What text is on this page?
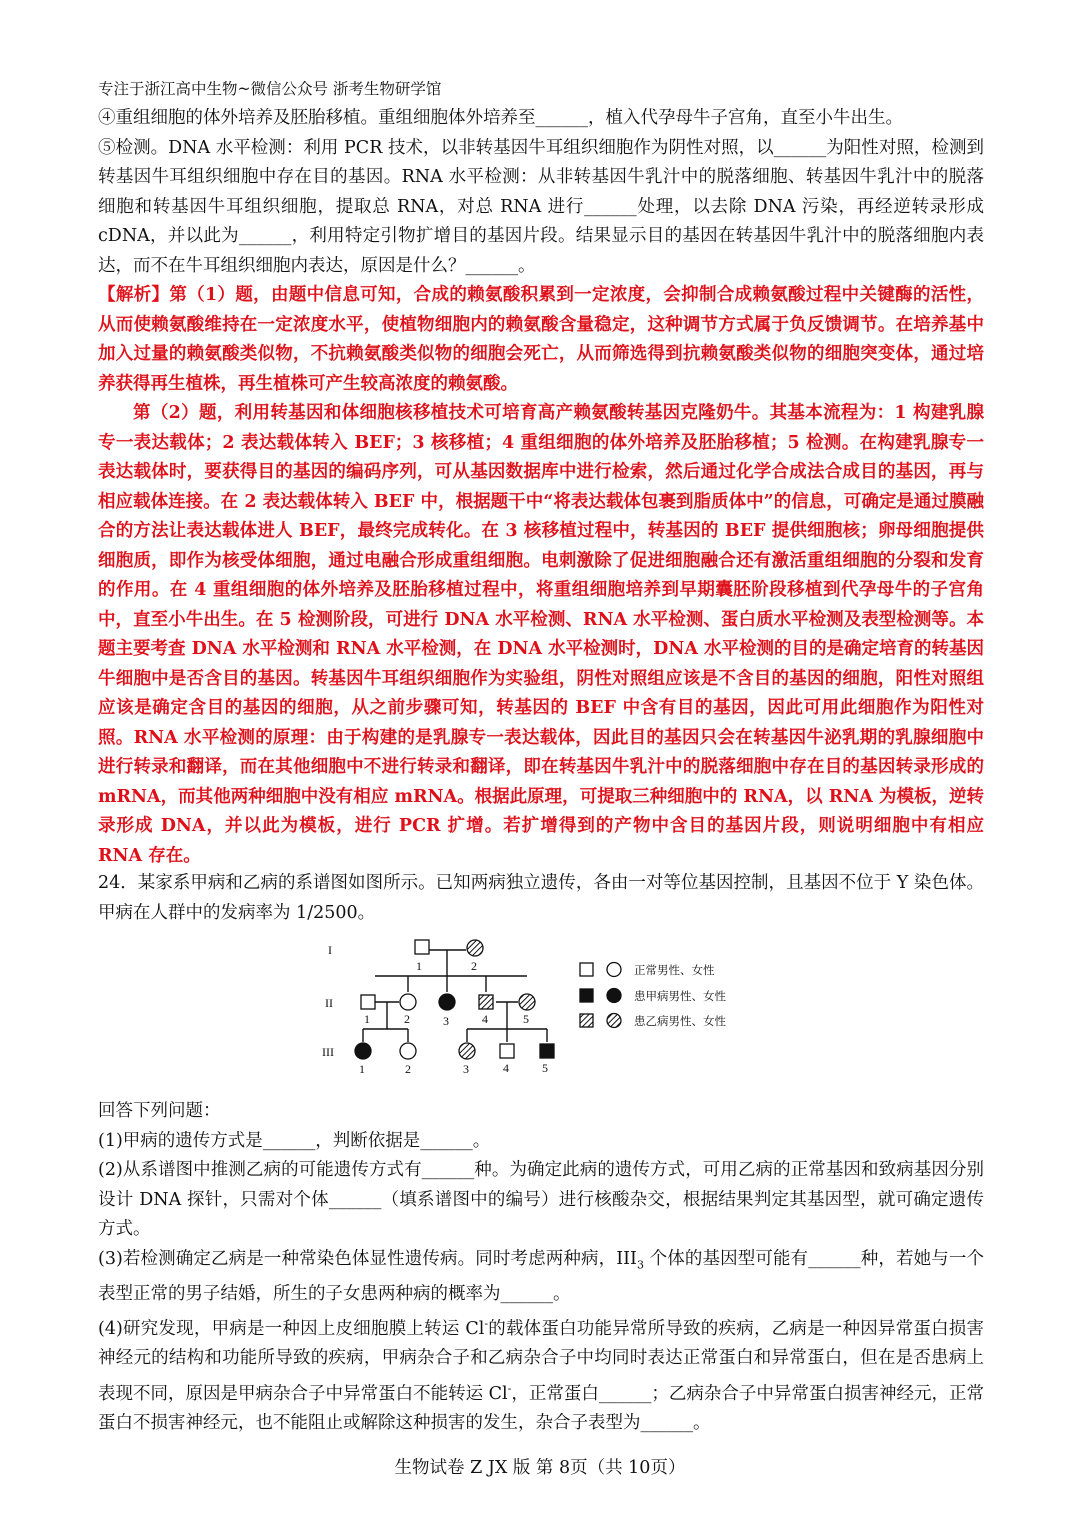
专注于浙江高中生物~微信公众号 浙考生物研学馆

④重组细胞的体外培养及胚胎移植。重组细胞体外培养至______，植入代孕母牛子宫角，直至小牛出生。

⑤检测。DNA 水平检测：利用 PCR 技术，以非转基因牛耳组织细胞作为阴性对照，以______为阳性对照，检测到转基因牛耳组织细胞中存在目的基因。RNA 水平检测：从非转基因牛乳汁中的脱落细胞、转基因牛乳汁中的脱落细胞和转基因牛耳组织细胞，提取总 RNA，对总 RNA 进行______处理，以去除 DNA 污染，再经逆转录形成 cDNA，并以此为______，利用特定引物扩增目的基因片段。结果显示目的基因在转基因牛乳汁中的脱落细胞内表达，而不在牛耳组织细胞内表达，原因是什么？______。

【解析】第（1）题，由题中信息可知，合成的赖氨酸积累到一定浓度，会抑制合成赖氨酸过程中关键酶的活性，从而使赖氨酸维持在一定浓度水平，使植物细胞内的赖氨酸含量稳定，这种调节方式属于负反馈调节。在培养基中加入过量的赖氨酸类似物，不抗赖氨酸类似物的细胞会死亡，从而筛选得到抗赖氨酸类似物的细胞突变体，通过培养获得再生植株，再生植株可产生较高浓度的赖氨酸。

第（2）题，利用转基因和体细胞核移植技术可培育高产赖氨酸转基因克隆奶牛。其基本流程为：1 构建乳腺专一表达载体；2 表达载体转入 BEF；3 核移植；4 重组细胞的体外培养及胚胎移植；5 检测。在构建乳腺专一表达载体时，要获得目的基因的编码序列，可从基因数据库中进行检索，然后通过化学合成法合成目的基因，再与相应载体连接。在 2 表达载体转入 BEF 中，根据题干中“将表达载体包裹到脂质体中”的信息，可确定是通过膜融合的方法让表达载体进人 BEF，最终完成转化。在 3 核移植过程中，转基因的 BEF 提供细胞核；卵母细胞提供细胞质，即作为核受体细胞，通过电融合形成重组细胞。电刺激除了促进细胞融合还有激活重组细胞的分裂和发育的作用。在 4 重组细胞的体外培养及胚胎移植过程中，将重组细胞培养到早期囊胚阶段移植到代孕母牛的子宫角中，直至小牛出生。在 5 检测阶段，可进行 DNA 水平检测、RNA 水平检测、蛋白质水平检测及表型检测等。本题主要考查 DNA 水平检测和 RNA 水平检测，在 DNA 水平检测时，DNA 水平检测的目的是确定培育的转基因牛细胞中是否含目的基因。转基因牛耳组织细胞作为实验组，阴性对照组应该是不含目的基因的细胞，阳性对照组应该是确定含目的基因的细胞，从之前步骤可知，转基因的 BEF 中含有目的基因，因此可用此细胞作为阳性对照。RNA 水平检测的原理：由于构建的是乳腺专一表达载体，因此目的基因只会在转基因牛泌乳期的乳腺细胞中进行转录和翻译，而在其他细胞中不进行转录和翻译，即在转基因牛乳汁中的脱落细胞中存在目的基因转录形成的 mRNA，而其他两种细胞中没有相应 mRNA。根据此原理，可提取三种细胞中的 RNA，以 RNA 为模板，逆转录形成 DNA，并以此为模板，进行 PCR 扩增。若扩增得到的产物中含目的基因片段，则说明细胞中有相应 RNA 存在。

24．某家系甲病和乙病的系谱图如图所示。已知两病独立遗传，各由一对等位基因控制，且基因不位于 Y 染色体。甲病在人群中的发病率为 1/2500。

I
II
III
1	2
1	2	3	4	5
1	2	3	4	5
正常男性、女性
患甲病男性、女性
患乙病男性、女性

回答下列问题：

(1)甲病的遗传方式是______，判断依据是______。

(2)从系谱图中推测乙病的可能遗传方式有______种。为确定此病的遗传方式，可用乙病的正常基因和致病基因分别设计 DNA 探针，只需对个体______（填系谱图中的编号）进行核酸杂交，根据结果判定其基因型，就可确定遗传方式。

(3)若检测确定乙病是一种常染色体显性遗传病。同时考虑两种病，$III_3$ 个体的基因型可能有______种，若她与一个表型正常的男子结婚，所生的子女患两种病的概率为______。

(4)研究发现，甲病是一种因上皮细胞膜上转运 Cl-的载体蛋白功能异常所导致的疾病，乙病是一种因异常蛋白损害神经元的结构和功能所导致的疾病，甲病杂合子和乙病杂合子中均同时表达正常蛋白和异常蛋白，但在是否患病上表现不同，原因是甲病杂合子中异常蛋白不能转运 Cl-，正常蛋白______；乙病杂合子中异常蛋白损害神经元，正常蛋白不损害神经元，也不能阻止或解除这种损害的发生，杂合子表型为______。

生物试卷 Z JX 版 第 8页（共 10页）
